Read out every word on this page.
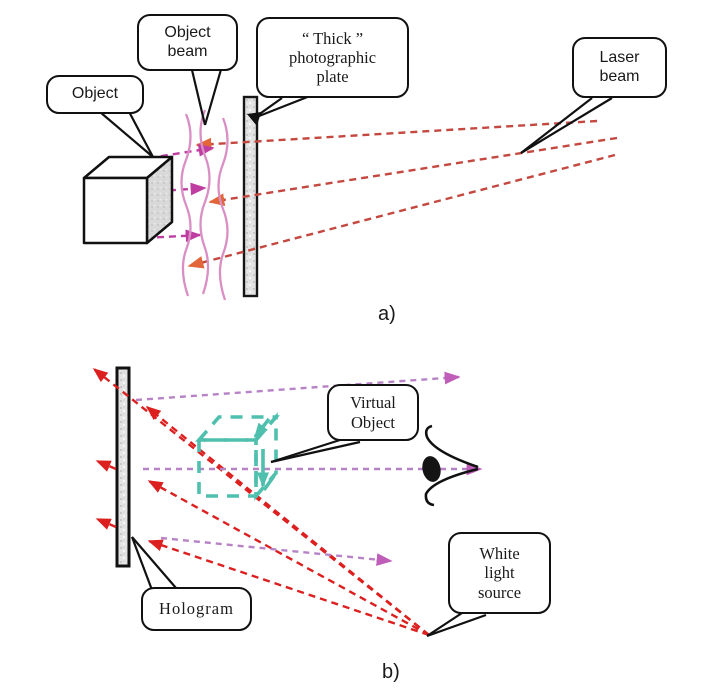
Object
Object
beam
“ Thick ”
photographic
plate
Laser
beam
a)
Virtual
Object
Hologram
White
light
source
b)
